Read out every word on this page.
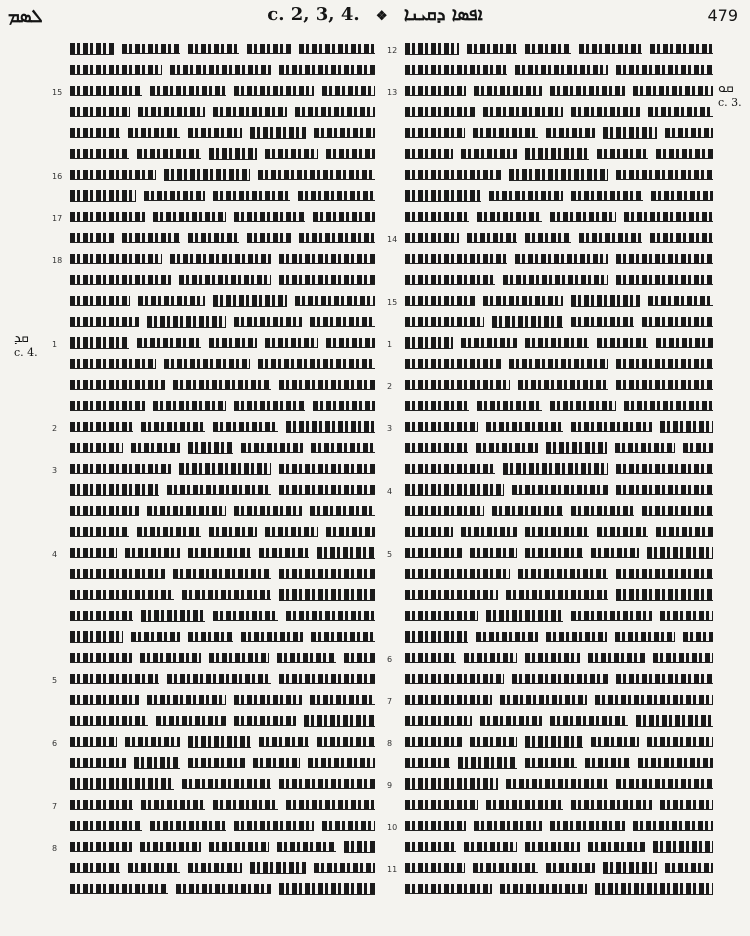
ܠܣܡ	c. 2, 3, 4. ❖ ܐܦܣܐ ܕܩܝܢܐ	479
ܩܘ
c. 3.
ܩܕ
c. 4.
15
16
17
18
1
2
3
4
5
6
7
8
12
13
14
15
1
2
3
4
5
6
7
8
9
10
11
